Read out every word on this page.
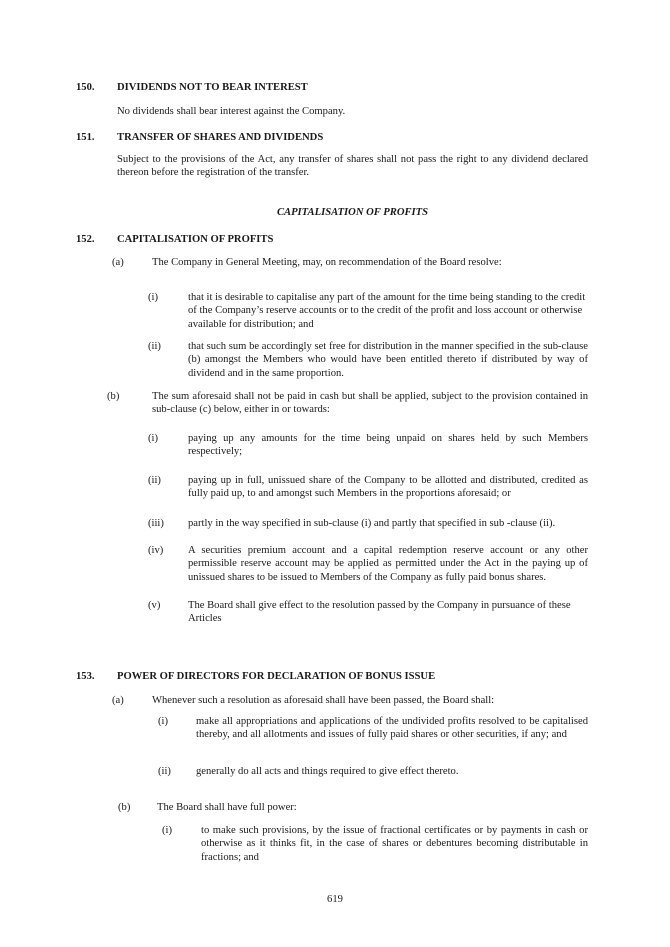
150. DIVIDENDS NOT TO BEAR INTEREST
No dividends shall bear interest against the Company.
151. TRANSFER OF SHARES AND DIVIDENDS
Subject to the provisions of the Act, any transfer of shares shall not pass the right to any dividend declared thereon before the registration of the transfer.
CAPITALISATION OF PROFITS
152. CAPITALISATION OF PROFITS
(a)	The Company in General Meeting, may, on recommendation of the Board resolve:
(i)	that it is desirable to capitalise any part of the amount for the time being standing to the credit of the Company’s reserve accounts or to the credit of the profit and loss account or otherwise available for distribution; and
(ii)	that such sum be accordingly set free for distribution in the manner specified in the sub-clause (b) amongst the Members who would have been entitled thereto if distributed by way of dividend and in the same proportion.
(b)	The sum aforesaid shall not be paid in cash but shall be applied, subject to the provision contained in sub-clause (c) below, either in or towards:
(i)	paying up any amounts for the time being unpaid on shares held by such Members respectively;
(ii)	paying up in full, unissued share of the Company to be allotted and distributed, credited as fully paid up, to and amongst such Members in the proportions aforesaid; or
(iii) partly in the way specified in sub-clause (i) and partly that specified in sub -clause (ii).
(iv) A securities premium account and a capital redemption reserve account or any other permissible reserve account may be applied as permitted under the Act in the paying up of unissued shares to be issued to Members of the Company as fully paid bonus shares.
(v)	The Board shall give effect to the resolution passed by the Company in pursuance of these Articles
153. POWER OF DIRECTORS FOR DECLARATION OF BONUS ISSUE
(a)	Whenever such a resolution as aforesaid shall have been passed, the Board shall:
(i)	make all appropriations and applications of the undivided profits resolved to be capitalised thereby, and all allotments and issues of fully paid shares or other securities, if any; and
(ii) generally do all acts and things required to give effect thereto.
(b)	The Board shall have full power:
(i)	to make such provisions, by the issue of fractional certificates or by payments in cash or otherwise as it thinks fit, in the case of shares or debentures becoming distributable in fractions; and
619
